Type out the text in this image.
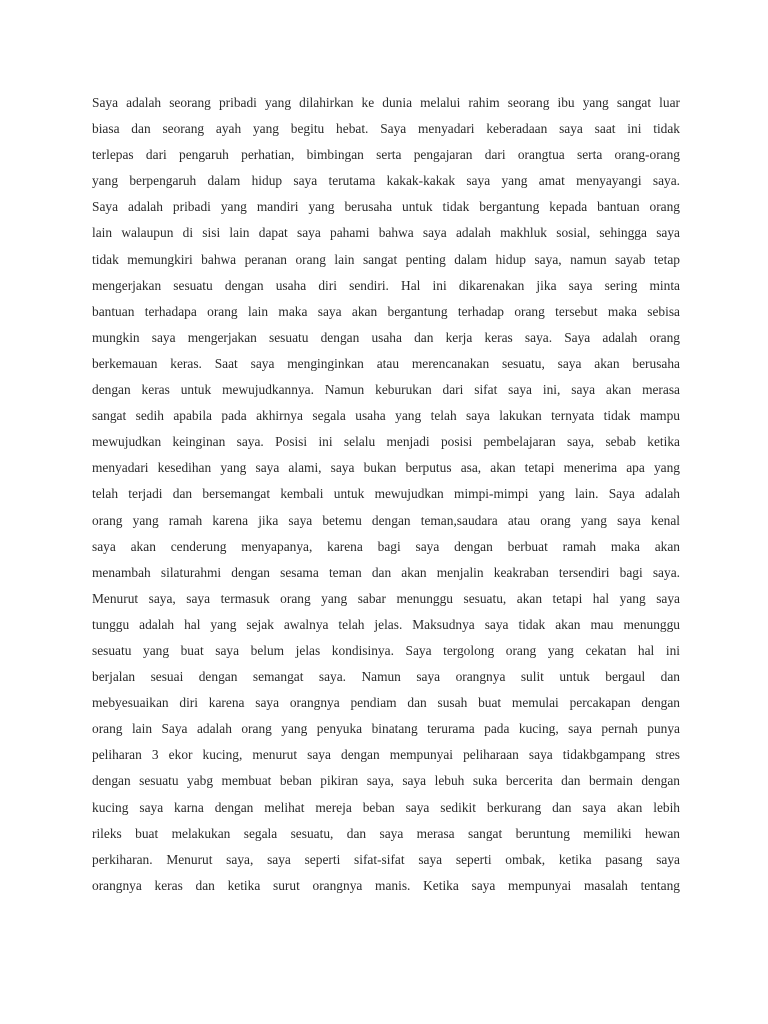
Saya adalah seorang pribadi yang dilahirkan ke dunia melalui rahim seorang ibu yang sangat luar
biasa dan seorang ayah yang begitu hebat. Saya menyadari keberadaan saya saat ini tidak
terlepas dari pengaruh perhatian, bimbingan serta pengajaran dari orangtua serta orang-orang
yang berpengaruh dalam hidup saya terutama kakak-kakak saya yang amat menyayangi saya.
Saya adalah pribadi yang mandiri yang berusaha untuk tidak bergantung kepada bantuan orang
lain walaupun di sisi lain dapat saya pahami bahwa saya adalah makhluk sosial, sehingga saya
tidak memungkiri bahwa peranan orang lain sangat penting dalam hidup saya, namun sayab tetap
mengerjakan sesuatu dengan usaha diri sendiri. Hal ini dikarenakan jika saya sering minta
bantuan terhadapa orang lain maka saya akan bergantung terhadap orang tersebut maka sebisa
mungkin saya mengerjakan sesuatu dengan usaha dan kerja keras saya. Saya adalah orang
berkemauan keras. Saat saya menginginkan atau merencanakan sesuatu, saya akan berusaha
dengan keras untuk mewujudkannya. Namun keburukan dari sifat saya ini, saya akan merasa
sangat sedih apabila pada akhirnya segala usaha yang telah saya lakukan ternyata tidak mampu
mewujudkan keinginan saya. Posisi ini selalu menjadi posisi pembelajaran saya, sebab ketika
menyadari kesedihan yang saya alami, saya bukan berputus asa, akan tetapi menerima apa yang
telah terjadi dan bersemangat kembali untuk mewujudkan mimpi-mimpi yang lain. Saya adalah
orang yang ramah karena jika saya betemu dengan teman,saudara atau orang yang saya kenal
saya akan cenderung menyapanya, karena bagi saya dengan berbuat ramah maka akan
menambah silaturahmi dengan sesama teman dan akan menjalin keakraban tersendiri bagi saya.
Menurut saya, saya termasuk orang yang sabar menunggu sesuatu, akan tetapi hal yang saya
tunggu adalah hal yang sejak awalnya telah jelas. Maksudnya saya tidak akan mau menunggu
sesuatu yang buat saya belum jelas kondisinya. Saya tergolong orang yang cekatan hal ini
berjalan sesuai dengan semangat saya. Namun saya orangnya sulit untuk bergaul dan
mebyesuaikan diri karena saya orangnya pendiam dan susah buat memulai percakapan dengan
orang lain Saya adalah orang yang penyuka binatang terurama pada kucing, saya pernah punya
peliharan 3 ekor kucing, menurut saya dengan mempunyai peliharaan saya tidakbgampang stres
dengan sesuatu yabg membuat beban pikiran saya, saya lebuh suka bercerita dan bermain dengan
kucing saya karna dengan melihat mereja beban saya sedikit berkurang dan saya akan lebih
rileks buat melakukan segala sesuatu, dan saya merasa sangat beruntung memiliki hewan
perkiharan. Menurut saya, saya seperti sifat-sifat saya seperti ombak, ketika pasang saya
orangnya keras dan ketika surut orangnya manis. Ketika saya mempunyai masalah tentang
